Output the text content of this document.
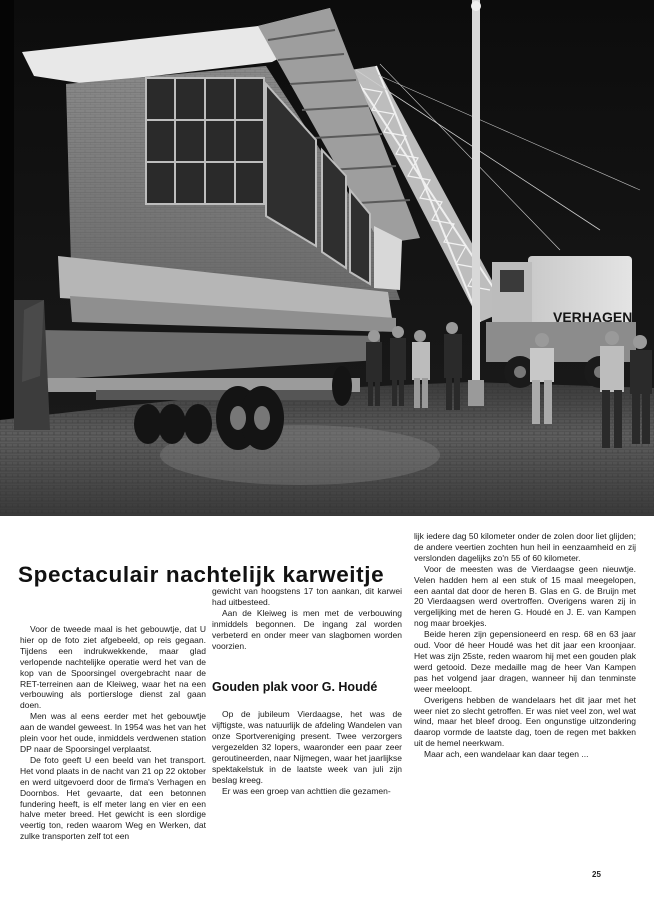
VERHAGEN
Spectaculair nachtelijk karweitje

Voor de tweede maal is het gebouwtje, dat U hier op de foto ziet afgebeeld, op reis gegaan. Tijdens een indrukwekkende, maar glad verlopende nachtelijke operatie werd het van de kop van de Spoorsingel overgebracht naar de RET-terreinen aan de Kleiweg, waar het na een verbouwing als portiersloge dienst zal gaan doen.

Men was al eens eerder met het gebouwtje aan de wandel geweest. In 1954 was het van het plein voor het oude, inmiddels verdwenen station DP naar de Spoorsingel verplaatst.

De foto geeft U een beeld van het transport. Het vond plaats in de nacht van 21 op 22 oktober en werd uitgevoerd door de firma's Verhagen en Doornbos. Het gevaarte, dat een betonnen fundering heeft, is elf meter lang en vier en een halve meter breed. Het gewicht is een slordige veertig ton, reden waarom Weg en Werken, dat zulke transporten zelf tot een

gewicht van hoogstens 17 ton aankan, dit karwei had uitbesteed.

Aan de Kleiweg is men met de verbouwing inmiddels begonnen. De ingang zal worden verbeterd en onder meer van slagbomen worden voorzien.

Gouden plak voor G. Houdé

Op de jubileum Vierdaagse, het was de vijftigste, was natuurlijk de afdeling Wandelen van onze Sportvereniging present. Twee verzorgers vergezelden 32 lopers, waaronder een paar zeer geroutineerden, naar Nijmegen, waar het jaarlijkse spektakelstuk in de laatste week van juli zijn beslag kreeg.

Er was een groep van achttien die gezamen-

lijk iedere dag 50 kilometer onder de zolen door liet glijden; de andere veertien zochten hun heil in eenzaamheid en zij verslonden dagelijks zo'n 55 of 60 kilometer.

Voor de meesten was de Vierdaagse geen nieuwtje. Velen hadden hem al een stuk of 15 maal meegelopen, een aantal dat door de heren B. Glas en G. de Bruijn met 20 Vierdaagsen werd overtroffen. Overigens waren zij in vergelijking met de heren G. Houdé en J. E. van Kampen nog maar broekjes.

Beide heren zijn gepensioneerd en resp. 68 en 63 jaar oud. Voor dé heer Houdé was het dit jaar een kroonjaar. Het was zijn 25ste, reden waarom hij met een gouden plak werd getooid. Deze medaille mag de heer Van Kampen pas het volgend jaar dragen, wanneer hij dan tenminste weer meeloopt.

Overigens hebben de wandelaars het dit jaar met het weer niet zo slecht getroffen. Er was niet veel zon, wel wat wind, maar het bleef droog. Een ongunstige uitzondering daarop vormde de laatste dag, toen de regen met bakken uit de hemel neerkwam.

Maar ach, een wandelaar kan daar tegen ...

25
